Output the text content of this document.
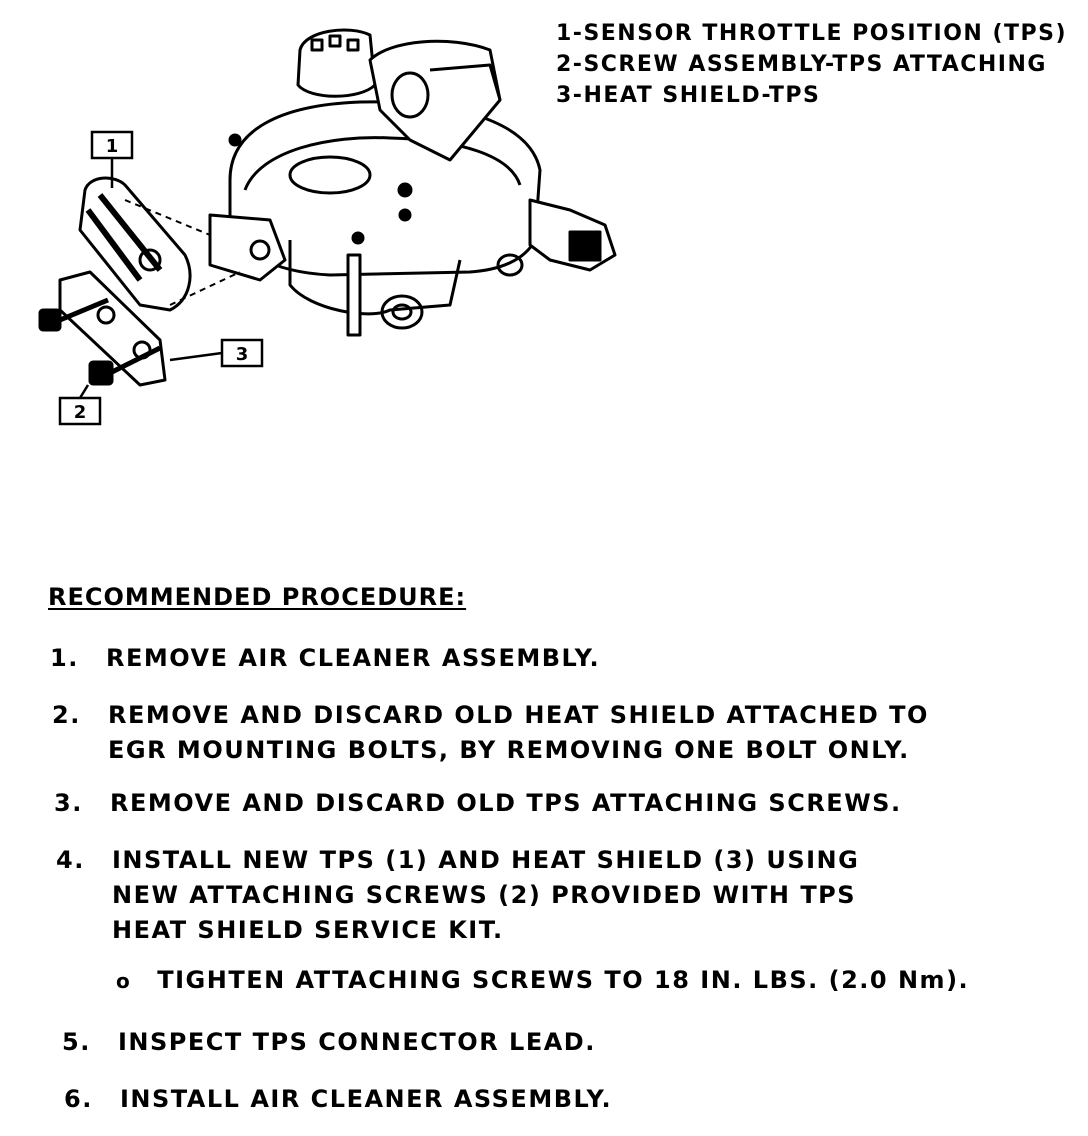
1-SENSOR THROTTLE POSITION (TPS)
2-SCREW ASSEMBLY-TPS ATTACHING
3-HEAT SHIELD-TPS
1
2
3
RECOMMENDED PROCEDURE:
1. REMOVE AIR CLEANER ASSEMBLY.
2. REMOVE AND DISCARD OLD HEAT SHIELD ATTACHED TO
EGR MOUNTING BOLTS, BY REMOVING ONE BOLT ONLY.
3. REMOVE AND DISCARD OLD TPS ATTACHING SCREWS.
4. INSTALL NEW TPS (1) AND HEAT SHIELD (3) USING
NEW ATTACHING SCREWS (2) PROVIDED WITH TPS
HEAT SHIELD SERVICE KIT.
o TIGHTEN ATTACHING SCREWS TO 18 IN. LBS. (2.0 Nm).
5. INSPECT TPS CONNECTOR LEAD.
6. INSTALL AIR CLEANER ASSEMBLY.
